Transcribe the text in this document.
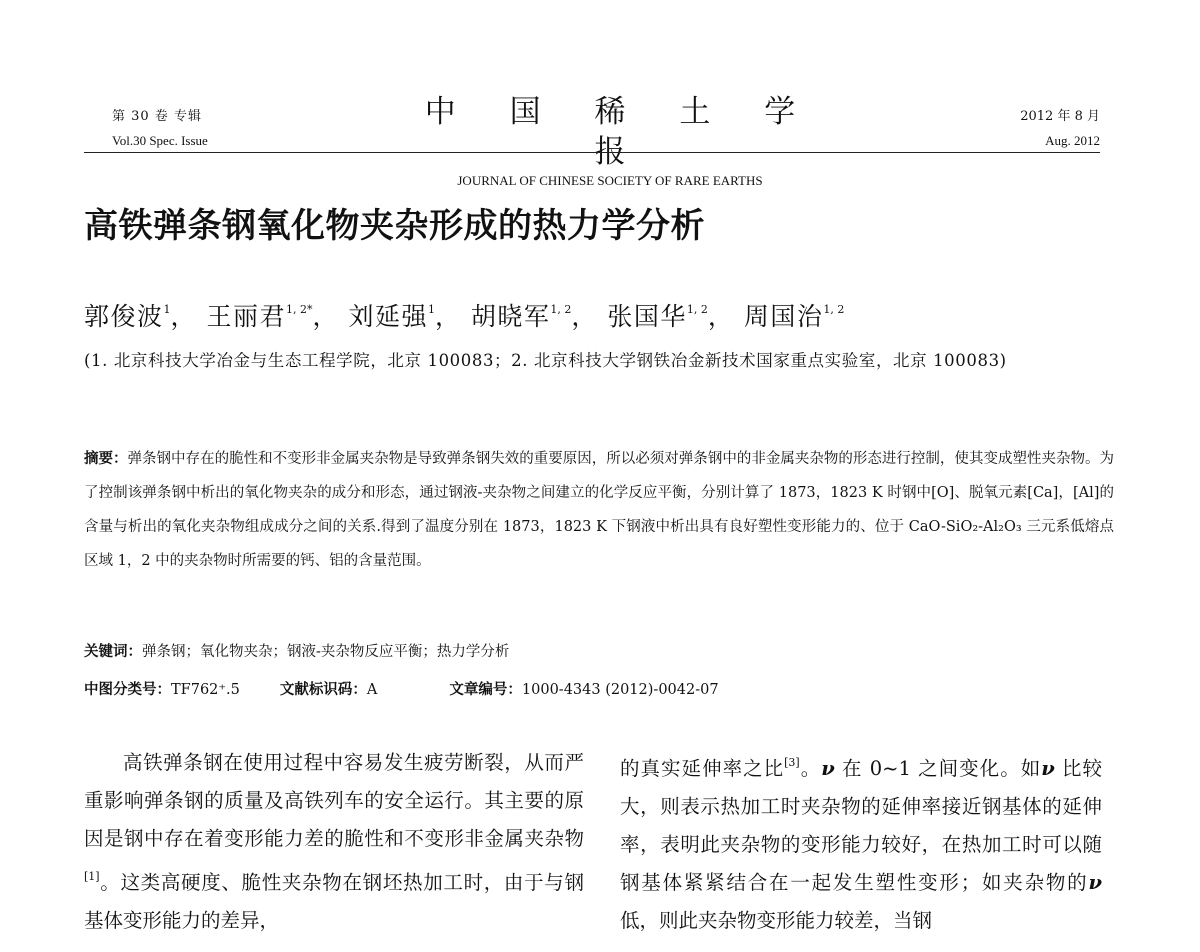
第 30 卷 专辑
Vol.30 Spec. Issue
中 国 稀 土 学 报
JOURNAL OF CHINESE SOCIETY OF RARE EARTHS
2012 年 8 月
Aug. 2012
高铁弹条钢氧化物夹杂形成的热力学分析
郭俊波$^1$， 王丽君$^{1, 2*}$， 刘延强$^1$， 胡晓军$^{1, 2}$， 张国华$^{1, 2}$， 周国治$^{1, 2}$
(1. 北京科技大学冶金与生态工程学院，北京 100083；2. 北京科技大学钢铁冶金新技术国家重点实验室，北京 100083)
摘要：弹条钢中存在的脆性和不变形非金属夹杂物是导致弹条钢失效的重要原因，所以必须对弹条钢中的非金属夹杂物的形态进行控制，使其变成塑性夹杂物。为了控制该弹条钢中析出的氧化物夹杂的成分和形态，通过钢液-夹杂物之间建立的化学反应平衡，分别计算了 1873，1823 K 时钢中[O]、脱氧元素[Ca]，[Al]的含量与析出的氧化夹杂物组成成分之间的关系.得到了温度分别在 1873，1823 K 下钢液中析出具有良好塑性变形能力的、位于 CaO-SiO₂-Al₂O₃ 三元系低熔点区域 1，2 中的夹杂物时所需要的钙、铝的含量范围。
关键词：弹条钢；氧化物夹杂；钢液-夹杂物反应平衡；热力学分析
中图分类号：TF762⁺.5	文献标识码：A	文章编号：1000-4343 (2012)-0042-07

高铁弹条钢在使用过程中容易发生疲劳断裂，从而严重影响弹条钢的质量及高铁列车的安全运行。其主要的原因是钢中存在着变形能力差的脆性和不变形非金属夹杂物[1]。这类高硬度、脆性夹杂物在钢坯热加工时，由于与钢基体变形能力的差异，

的真实延伸率之比[3]。ν 在 0~1 之间变化。如ν 比较大，则表示热加工时夹杂物的延伸率接近钢基体的延伸率，表明此夹杂物的变形能力较好，在热加工时可以随钢基体紧紧结合在一起发生塑性变形；如夹杂物的ν 低，则此夹杂物变形能力较差，当钢
